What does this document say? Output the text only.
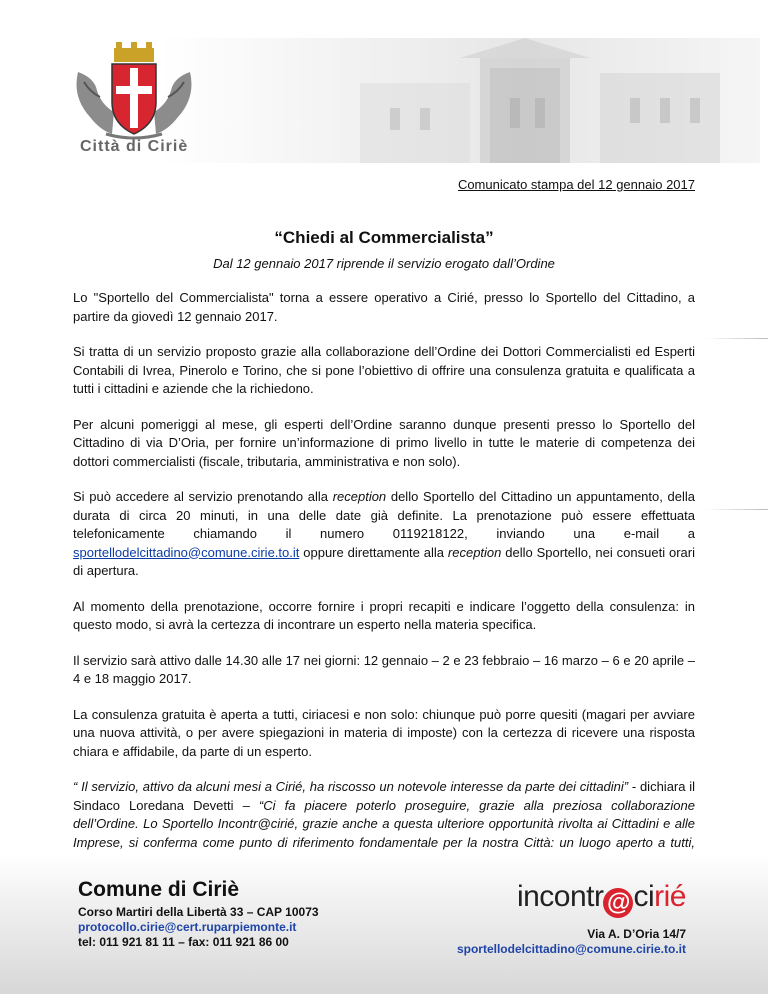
Città di Ciriè
Comunicato stampa del 12 gennaio 2017
“Chiedi al Commercialista”
Dal 12 gennaio 2017 riprende il servizio erogato dall’Ordine

Lo "Sportello del Commercialista" torna a essere operativo a Cirié, presso lo Sportello del Cittadino, a partire da giovedì 12 gennaio 2017.

Si tratta di un servizio proposto grazie alla collaborazione dell’Ordine dei Dottori Commercialisti ed Esperti Contabili di Ivrea, Pinerolo e Torino, che si pone l’obiettivo di offrire una consulenza gratuita e qualificata a tutti i cittadini e aziende che la richiedono.

Per alcuni pomeriggi al mese, gli esperti dell’Ordine saranno dunque presenti presso lo Sportello del Cittadino di via D’Oria, per fornire un’informazione di primo livello in tutte le materie di competenza dei dottori commercialisti (fiscale, tributaria, amministrativa e non solo).

Si può accedere al servizio prenotando alla reception dello Sportello del Cittadino un appuntamento, della durata di circa 20 minuti, in una delle date già definite. La prenotazione può essere effettuata telefonicamente chiamando il numero 0119218122, inviando una e-mail a sportellodelcittadino@comune.cirie.to.it oppure direttamente alla reception dello Sportello, nei consueti orari di apertura.

Al momento della prenotazione, occorre fornire i propri recapiti e indicare l’oggetto della consulenza: in questo modo, si avrà la certezza di incontrare un esperto nella materia specifica.

Il servizio sarà attivo dalle 14.30 alle 17 nei giorni: 12 gennaio – 2 e 23 febbraio – 16 marzo – 6 e 20 aprile – 4 e 18 maggio 2017.

La consulenza gratuita è aperta a tutti, ciriacesi e non solo: chiunque può porre quesiti (magari per avviare una nuova attività, o per avere spiegazioni in materia di imposte) con la certezza di ricevere una risposta chiara e affidabile, da parte di un esperto.

“ Il servizio, attivo da alcuni mesi a Cirié, ha riscosso un notevole interesse da parte dei cittadini” - dichiara il Sindaco Loredana Devetti – “Ci fa piacere poterlo proseguire, grazie alla preziosa collaborazione dell’Ordine. Lo Sportello Incontr@cirié, grazie anche a questa ulteriore opportunità rivolta ai Cittadini e alle Imprese, si conferma come punto di riferimento fondamentale per la nostra Città: un luogo aperto a tutti,

Comune di Ciriè
Corso Martiri della Libertà 33 – CAP 10073
protocollo.cirie@cert.ruparpiemonte.it
tel: 011 921 81 11 – fax: 011 921 86 00
incontr @ cirié
Via A. D’Oria 14/7
sportellodelcittadino@comune.cirie.to.it
